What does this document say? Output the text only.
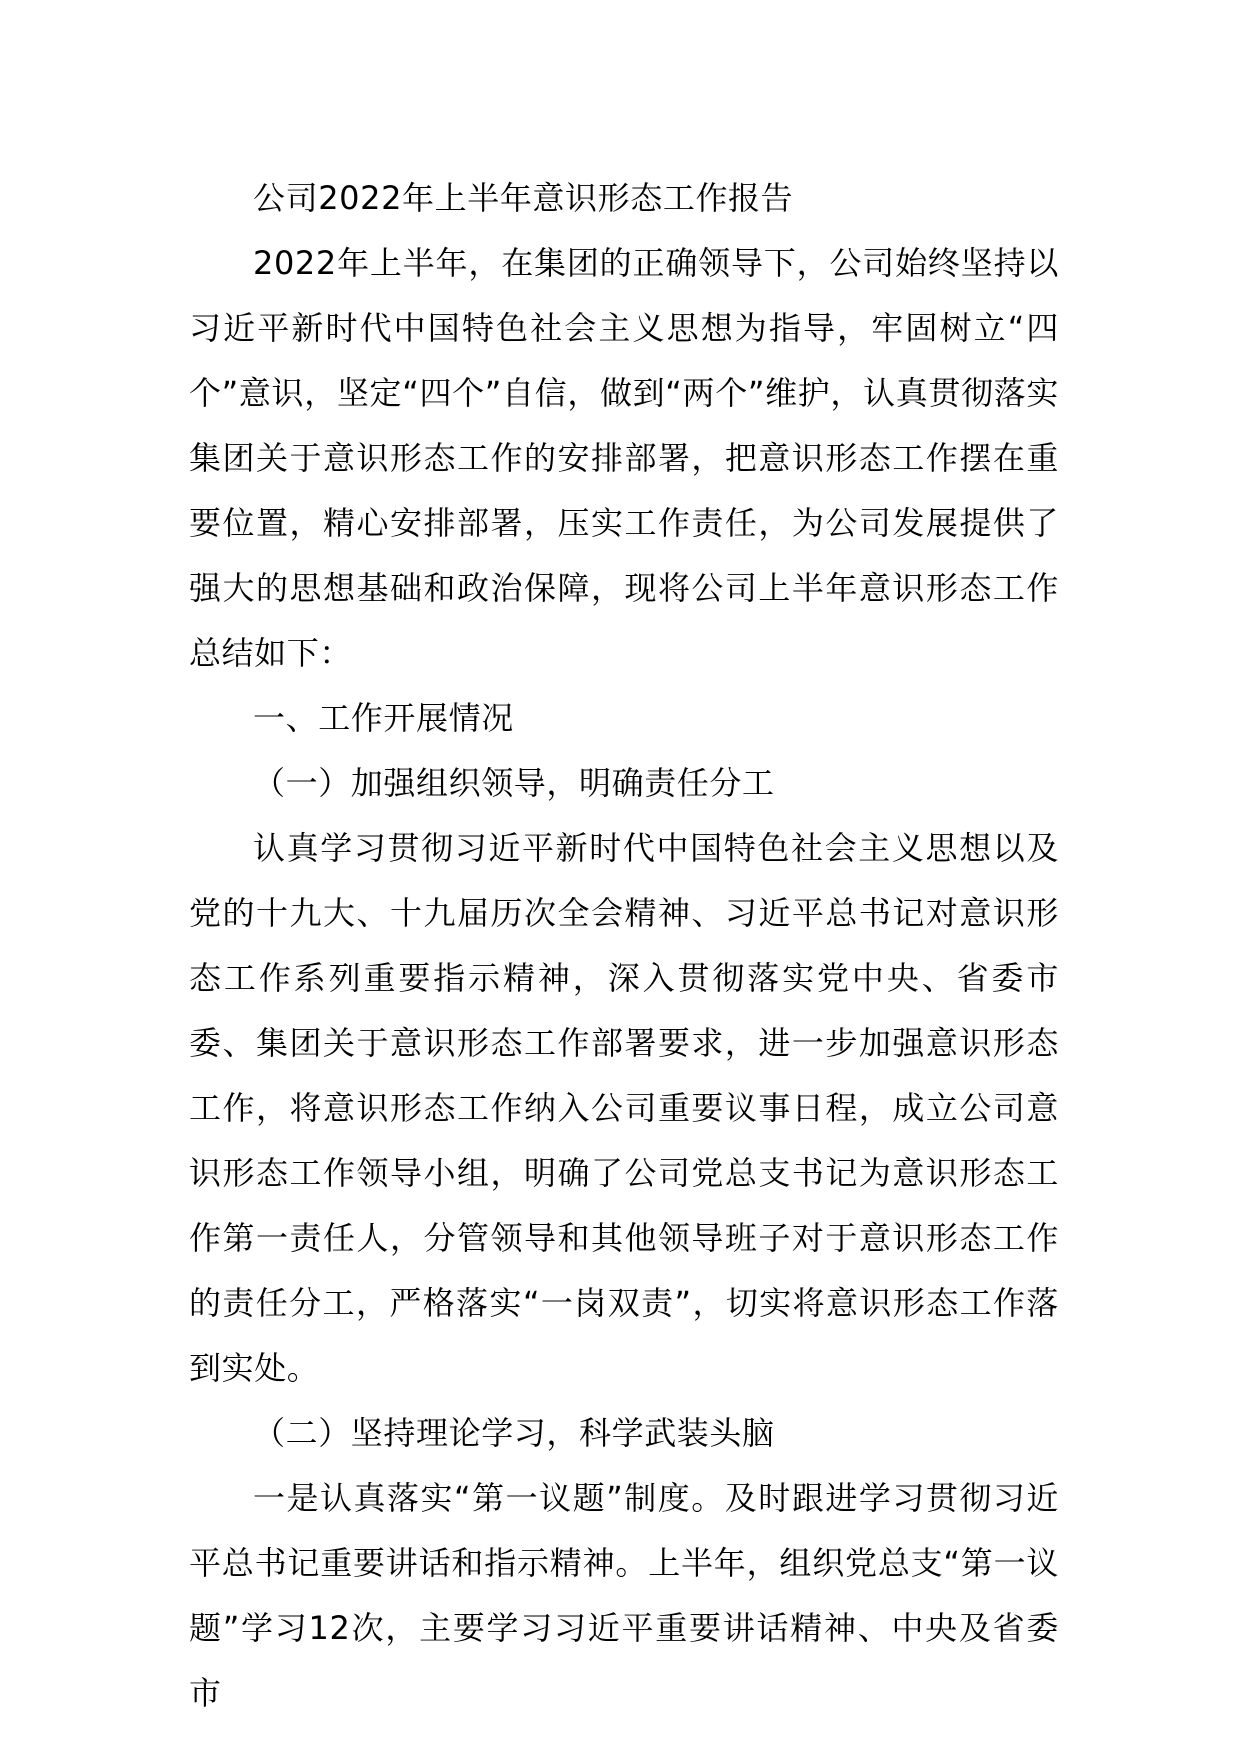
公司2022年上半年意识形态工作报告

2022年上半年，在集团的正确领导下，公司始终坚持以习近平新时代中国特色社会主义思想为指导，牢固树立“四个”意识，坚定“四个”自信，做到“两个”维护，认真贯彻落实集团关于意识形态工作的安排部署，把意识形态工作摆在重要位置，精心安排部署，压实工作责任，为公司发展提供了强大的思想基础和政治保障，现将公司上半年意识形态工作总结如下：

一、工作开展情况

（一）加强组织领导，明确责任分工

认真学习贯彻习近平新时代中国特色社会主义思想以及党的十九大、十九届历次全会精神、习近平总书记对意识形态工作系列重要指示精神，深入贯彻落实党中央、省委市委、集团关于意识形态工作部署要求，进一步加强意识形态工作，将意识形态工作纳入公司重要议事日程，成立公司意识形态工作领导小组，明确了公司党总支书记为意识形态工作第一责任人，分管领导和其他领导班子对于意识形态工作的责任分工，严格落实“一岗双责”，切实将意识形态工作落到实处。

（二）坚持理论学习，科学武装头脑

一是认真落实“第一议题”制度。及时跟进学习贯彻习近平总书记重要讲话和指示精神。上半年，组织党总支“第一议题”学习12次，主要学习习近平重要讲话精神、中央及省委市
